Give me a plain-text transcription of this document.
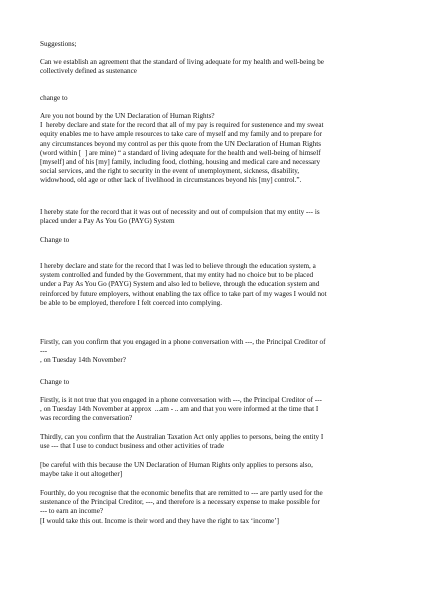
Suggestions;

Can we establish an agreement that the standard of living adequate for my health and well-being be
collectively defined as sustenance

change to

Are you not bound by the UN Declaration of Human Rights?
I  hereby declare and state for the record that all of my pay is required for sustenence and my sweat
equity enables me to have ample resources to take care of myself and my family and to prepare for
any circumstances beyond my control as per this quote from the UN Declaration of Human Rights
(word within [  ] are mine) “ a standard of living adequate for the health and well-being of himself
[myself] and of his [my] family, including food, clothing, housing and medical care and necessary
social services, and the right to security in the event of unemployment, sickness, disability,
widowhood, old age or other lack of livelihood in circumstances beyond his [my] control.”.

I hereby state for the record that it was out of necessity and out of compulsion that my entity --- is
placed under a Pay As You Go (PAYG) System

Change to

I hereby declare and state for the record that I was led to believe through the education system, a
system controlled and funded by the Government, that my entity had no choice but to be placed
under a Pay As You Go (PAYG) System and also led to believe, through the education system and
reinforced by future employers, without enabling the tax office to take part of my wages I would not
be able to be employed, therefore I felt coerced into complying.

Firstly, can you confirm that you engaged in a phone conversation with ---, the Principal Creditor of
---
, on Tuesday 14th November?

Change to

Firstly, is it not true that you engaged in a phone conversation with ---, the Principal Creditor of ---
, on Tuesday 14th November at approx  ...am - .. am and that you were informed at the time that I
was recording the conversation?

Thirdly, can you confirm that the Australian Taxation Act only applies to persons, being the entity I
use --- that I use to conduct business and other activities of trade

[be careful with this because the UN Declaration of Human Rights only applies to persons also,
maybe take it out altogether]

Fourthly, do you recognise that the economic benefits that are remitted to --- are partly used for the
sustenance of the Principal Creditor, ---, and therefore is a necessary expense to make possible for
--- to earn an income?
[I would take this out. Income is their word and they have the right to tax ‘income’]
